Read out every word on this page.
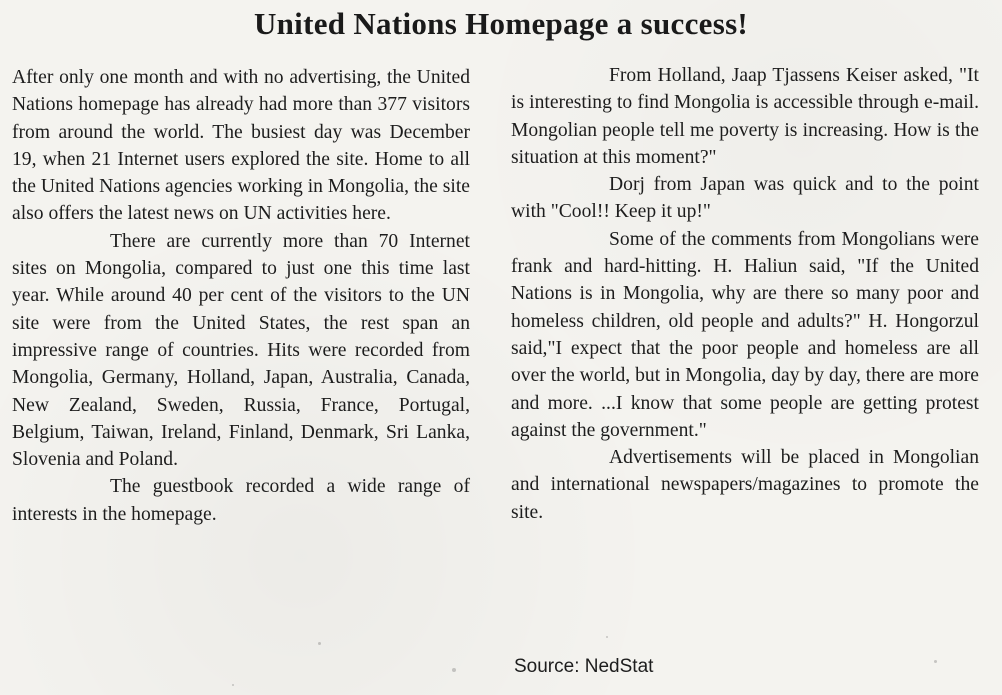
United Nations Homepage a success!

After only one month and with no advertising, the United Nations homepage has already had more than 377 visitors from around the world. The busiest day was December 19, when 21 Internet users explored the site. Home to all the United Nations agencies working in Mongolia, the site also offers the latest news on UN activities here.

There are currently more than 70 Internet sites on Mongolia, compared to just one this time last year. While around 40 per cent of the visitors to the UN site were from the United States, the rest span an impressive range of countries. Hits were recorded from Mongolia, Germany, Holland, Japan, Australia, Canada, New Zealand, Sweden, Russia, France, Portugal, Belgium, Taiwan, Ireland, Finland, Denmark, Sri Lanka, Slovenia and Poland.

The guestbook recorded a wide range of interests in the homepage.

From Holland, Jaap Tjassens Keiser asked, "It is interesting to find Mongolia is accessible through e-mail. Mongolian people tell me poverty is increasing. How is the situation at this moment?"

Dorj from Japan was quick and to the point with "Cool!! Keep it up!"

Some of the comments from Mongolians were frank and hard-hitting. H. Haliun said, "If the United Nations is in Mongolia, why are there so many poor and homeless children, old people and adults?" H. Hongorzul said,"I expect that the poor people and homeless are all over the world, but in Mongolia, day by day, there are more and more. ...I know that some people are getting protest against the government."

Advertisements will be placed in Mongolian and international newspapers/magazines to promote the site.

Source: NedStat
